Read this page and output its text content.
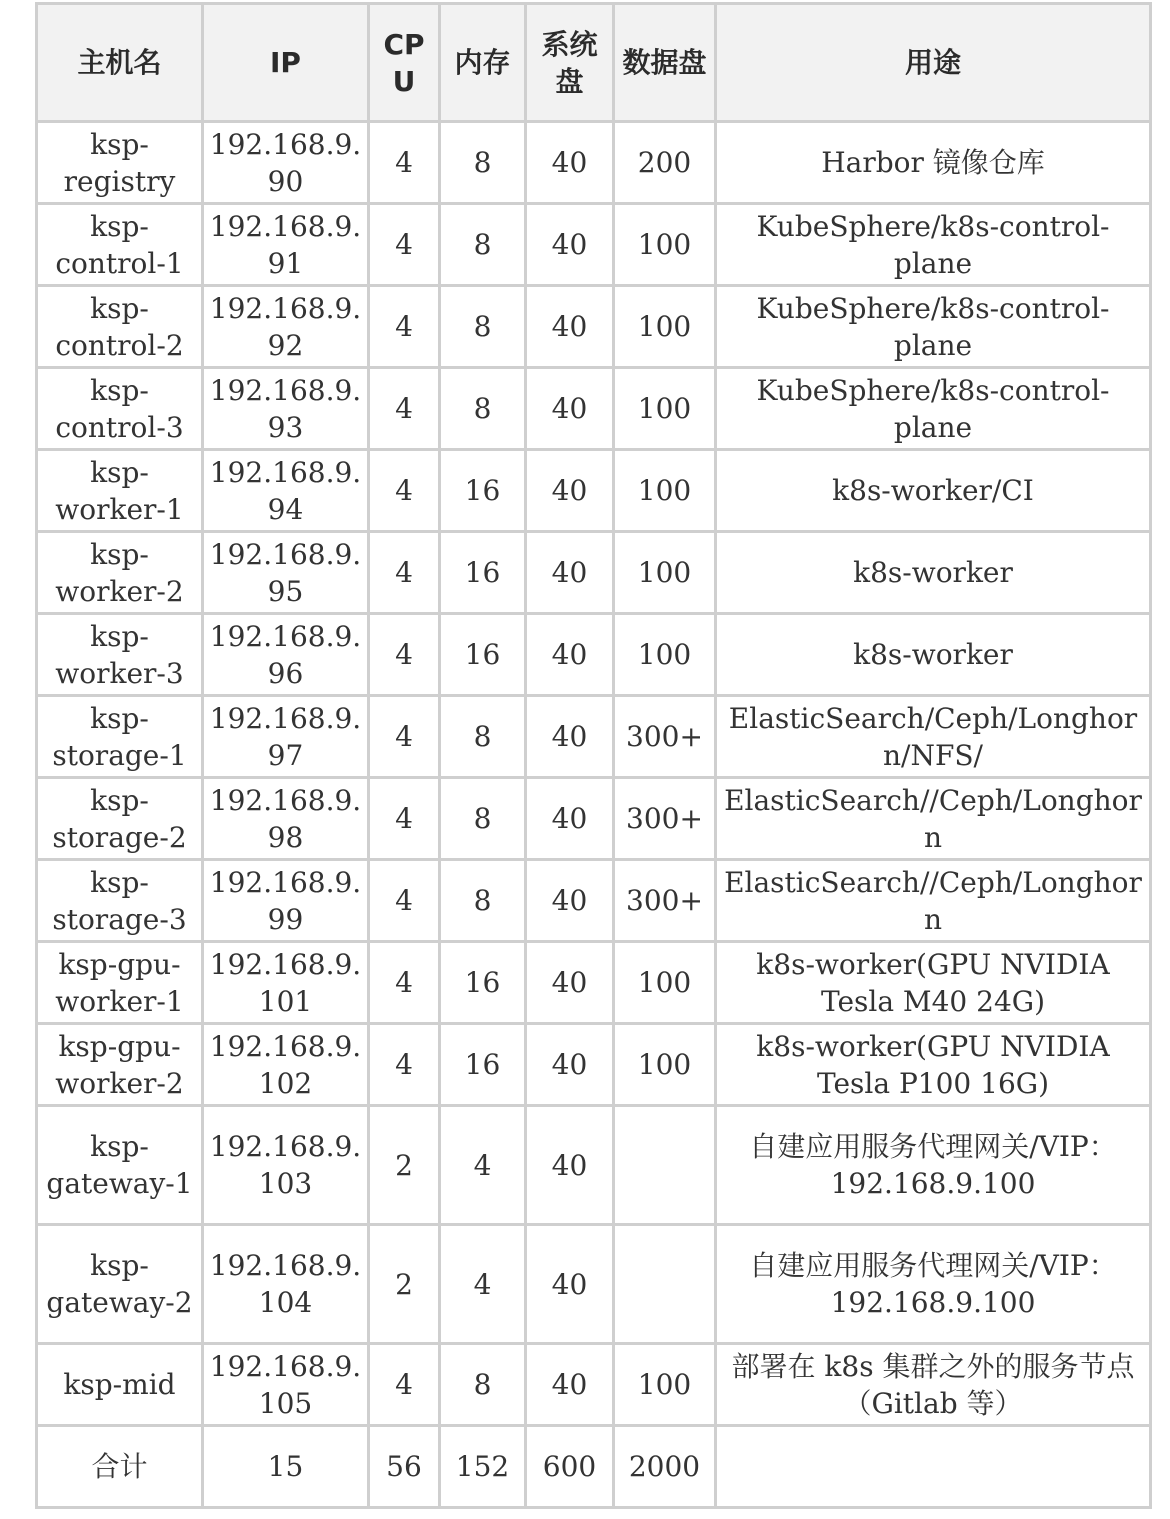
主机名	IP	CPU	内存	系统盘	数据盘	用途
ksp-registry	192.168.9.90	4	8	40	200	Harbor 镜像仓库
ksp-control-1	192.168.9.91	4	8	40	100	KubeSphere/k8s-control-plane
ksp-control-2	192.168.9.92	4	8	40	100	KubeSphere/k8s-control-plane
ksp-control-3	192.168.9.93	4	8	40	100	KubeSphere/k8s-control-plane
ksp-worker-1	192.168.9.94	4	16	40	100	k8s-worker/CI
ksp-worker-2	192.168.9.95	4	16	40	100	k8s-worker
ksp-worker-3	192.168.9.96	4	16	40	100	k8s-worker
ksp-storage-1	192.168.9.97	4	8	40	300+	ElasticSearch/Ceph/Longhorn/NFS/
ksp-storage-2	192.168.9.98	4	8	40	300+	ElasticSearch//Ceph/Longhorn
ksp-storage-3	192.168.9.99	4	8	40	300+	ElasticSearch//Ceph/Longhorn
ksp-gpu-worker-1	192.168.9.101	4	16	40	100	k8s-worker(GPU NVIDIA Tesla M40 24G)
ksp-gpu-worker-2	192.168.9.102	4	16	40	100	k8s-worker(GPU NVIDIA Tesla P100 16G)
ksp-gateway-1	192.168.9.103	2	4	40		自建应用服务代理网关/VIP：192.168.9.100
ksp-gateway-2	192.168.9.104	2	4	40		自建应用服务代理网关/VIP：192.168.9.100
ksp-mid	192.168.9.105	4	8	40	100	部署在 k8s 集群之外的服务节点（Gitlab 等）
合计	15	56	152	600	2000	
